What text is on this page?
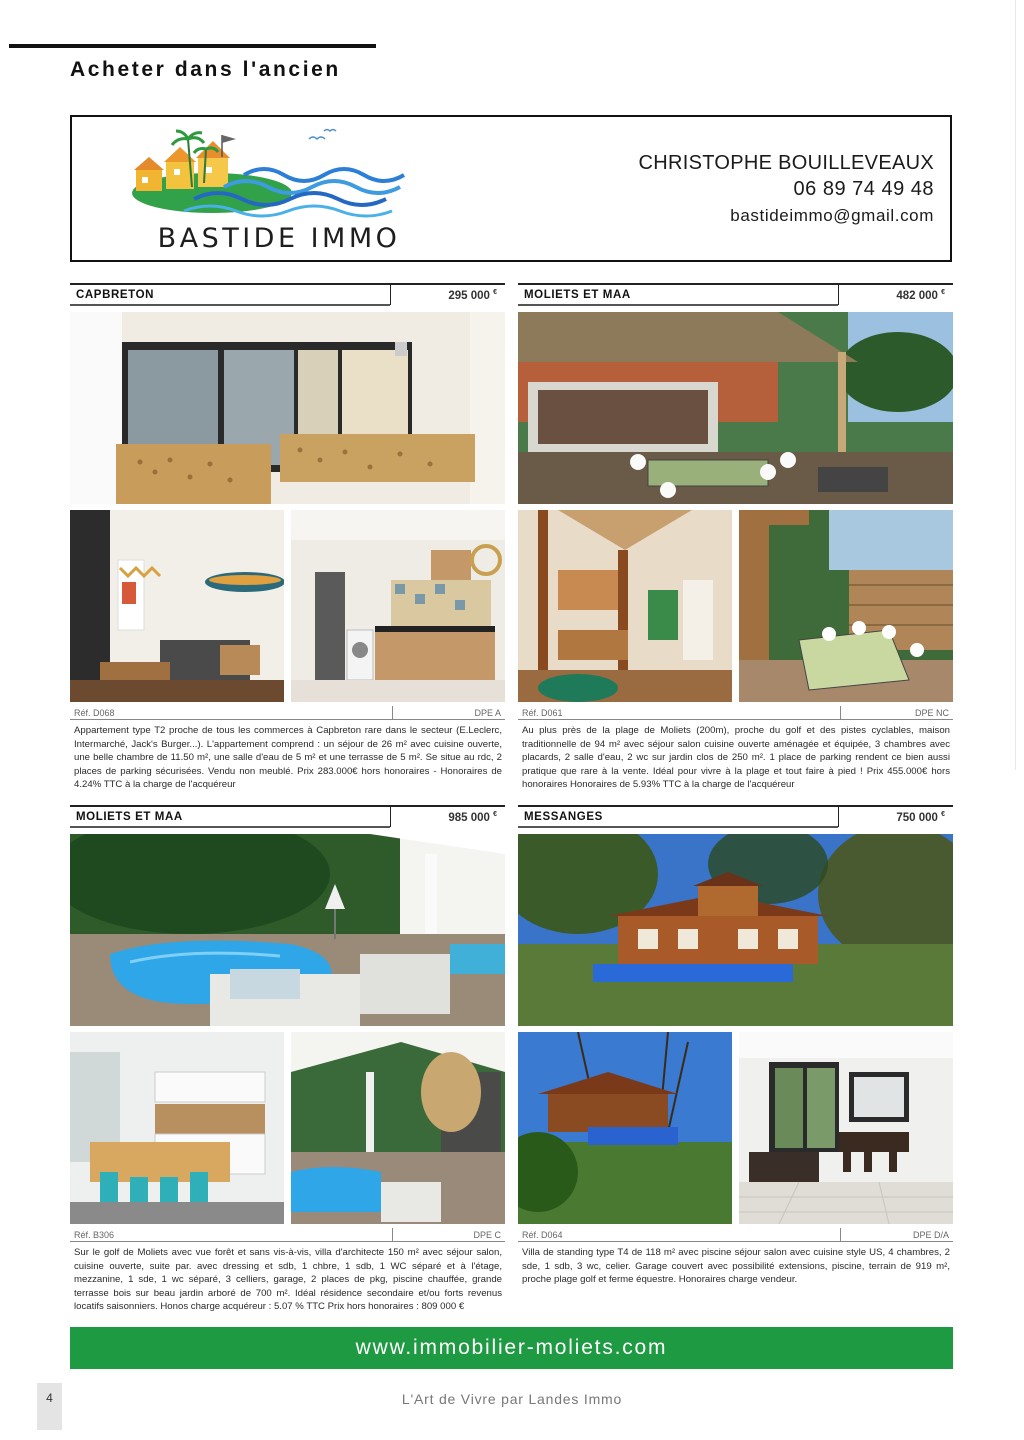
Acheter dans l'ancien
BASTIDE IMMO
CHRISTOPHE BOUILLEVEAUX
06 89 74 49 48
bastideimmo@gmail.com
CAPBRETON	295 000 €
Réf. D068	DPE A

Appartement type T2 proche de tous les commerces à Capbreton rare dans le secteur (E.Leclerc, Intermarché, Jack's Burger...). L'appartement comprend : un séjour de 26 m² avec cuisine ouverte, une belle chambre de 11.50 m², une salle d'eau de 5 m² et une terrasse de 5 m². Se situe au rdc, 2 places de parking sécurisées. Vendu non meublé. Prix 283.000€ hors honoraires - Honoraires de 4.24% TTC à la charge de l'acquéreur

MOLIETS ET MAA	482 000 €
Réf. D061	DPE NC

Au plus près de la plage de Moliets (200m), proche du golf et des pistes cyclables, maison traditionnelle de 94 m² avec séjour salon cuisine ouverte aménagée et équipée, 3 chambres avec placards, 2 salle d'eau, 2 wc sur jardin clos de 250 m². 1 place de parking rendent ce bien aussi pratique que rare à la vente. Idéal pour vivre à la plage et tout faire à pied ! Prix 455.000€ hors honoraires Honoraires de 5.93% TTC à la charge de l'acquéreur

MOLIETS ET MAA	985 000 €
Réf. B306	DPE C

Sur le golf de Moliets avec vue forêt et sans vis-à-vis, villa d'architecte 150 m² avec séjour salon, cuisine ouverte, suite par. avec dressing et sdb, 1 chbre, 1 sdb, 1 WC séparé et à l'étage, mezzanine, 1 sde, 1 wc séparé, 3 celliers, garage, 2 places de pkg, piscine chauffée, grande terrasse bois sur beau jardin arboré de 700 m². Idéal résidence secondaire et/ou forts revenus locatifs saisonniers. Honos charge acquéreur : 5.07 % TTC Prix hors honoraires : 809 000 €

MESSANGES	750 000 €
Réf. D064	DPE D/A

Villa de standing type T4 de 118 m² avec piscine séjour salon avec cuisine style US, 4 chambres, 2 sde, 1 sdb, 3 wc, celier. Garage couvert avec possibilité extensions, piscine, terrain de 919 m², proche plage golf et ferme équestre. Honoraires charge vendeur.

www.immobilier-moliets.com
4	L'Art de Vivre par Landes Immo
